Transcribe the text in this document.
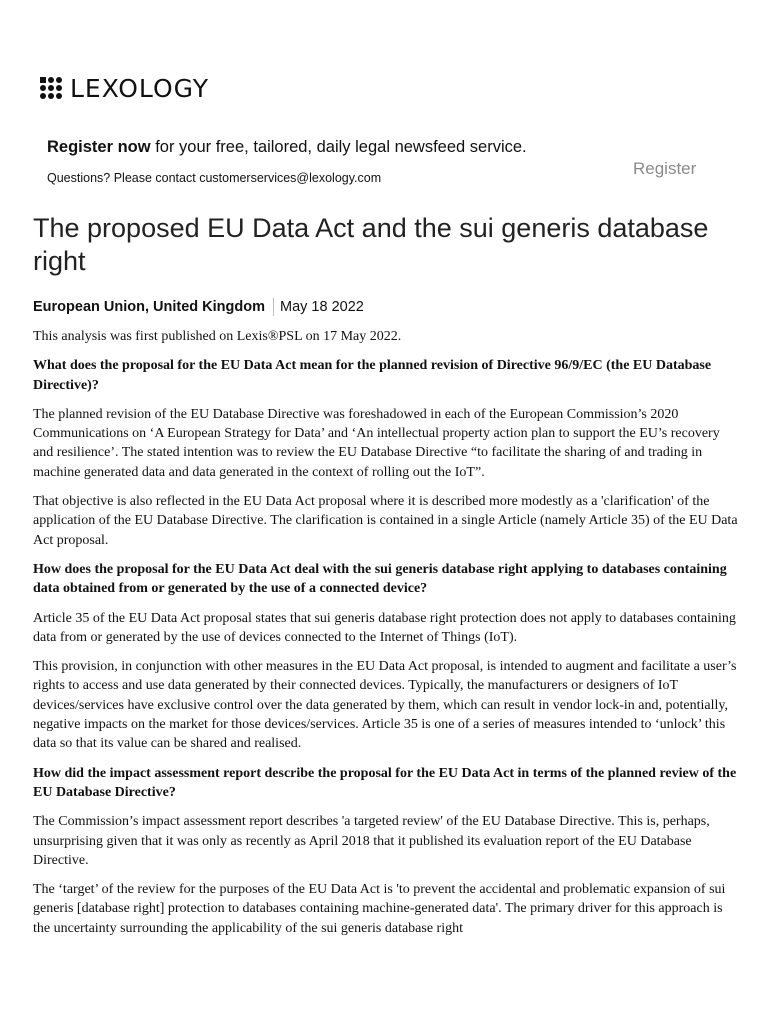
LEXOLOGY
Register now for your free, tailored, daily legal newsfeed service.
Questions? Please contact customerservices@lexology.com	Register
The proposed EU Data Act and the sui generis database right
European Union, United Kingdom May 18 2022

This analysis was first published on Lexis®PSL on 17 May 2022.

What does the proposal for the EU Data Act mean for the planned revision of Directive 96/9/EC (the EU Database Directive)?

The planned revision of the EU Database Directive was foreshadowed in each of the European Commission’s 2020 Communications on ‘A European Strategy for Data’ and ‘An intellectual property action plan to support the EU’s recovery and resilience’. The stated intention was to review the EU Database Directive “to facilitate the sharing of and trading in machine generated data and data generated in the context of rolling out the IoT”.

That objective is also reflected in the EU Data Act proposal where it is described more modestly as a 'clarification' of the application of the EU Database Directive. The clarification is contained in a single Article (namely Article 35) of the EU Data Act proposal.

How does the proposal for the EU Data Act deal with the sui generis database right applying to databases containing data obtained from or generated by the use of a connected device?

Article 35 of the EU Data Act proposal states that sui generis database right protection does not apply to databases containing data from or generated by the use of devices connected to the Internet of Things (IoT).

This provision, in conjunction with other measures in the EU Data Act proposal, is intended to augment and facilitate a user’s rights to access and use data generated by their connected devices. Typically, the manufacturers or designers of IoT devices/services have exclusive control over the data generated by them, which can result in vendor lock-in and, potentially, negative impacts on the market for those devices/services. Article 35 is one of a series of measures intended to ‘unlock’ this data so that its value can be shared and realised.

How did the impact assessment report describe the proposal for the EU Data Act in terms of the planned review of the EU Database Directive?

The Commission’s impact assessment report describes 'a targeted review' of the EU Database Directive. This is, perhaps, unsurprising given that it was only as recently as April 2018 that it published its evaluation report of the EU Database Directive.

The ‘target’ of the review for the purposes of the EU Data Act is 'to prevent the accidental and problematic expansion of sui generis [database right] protection to databases containing machine-generated data'. The primary driver for this approach is the uncertainty surrounding the applicability of the sui generis database right
